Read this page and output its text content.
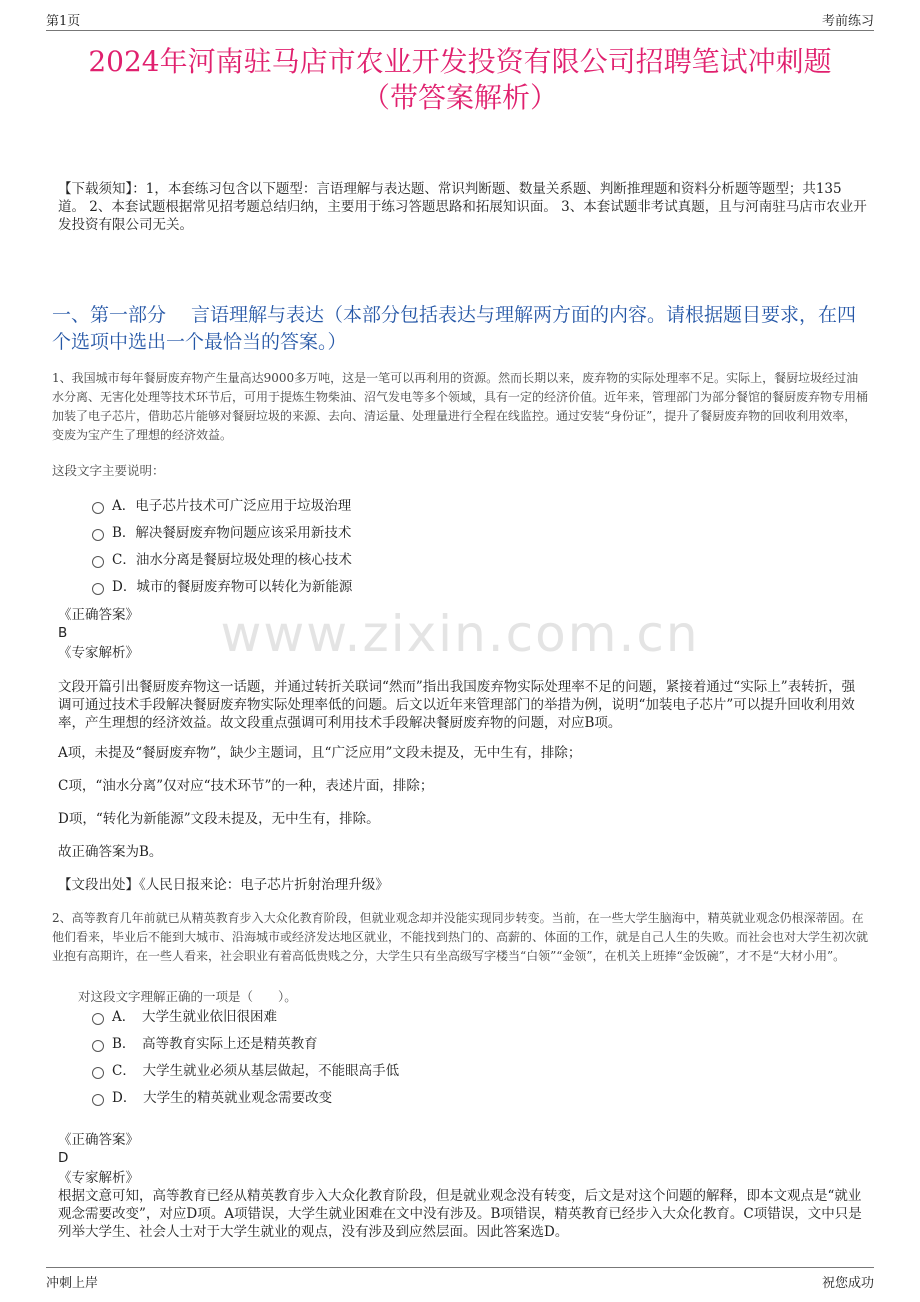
第1页	考前练习
2024年河南驻马店市农业开发投资有限公司招聘笔试冲刺题
（带答案解析）
【下载须知】：1，本套练习包含以下题型：言语理解与表达题、常识判断题、数量关系题、判断推理题和资料分析题等题型；共135道。 2、本套试题根据常见招考题总结归纳，主要用于练习答题思路和拓展知识面。 3、本套试题非考试真题，且与河南驻马店市农业开发投资有限公司无关。
一、第一部分　 言语理解与表达（本部分包括表达与理解两方面的内容。请根据题目要求，在四个选项中选出一个最恰当的答案。）
www.zixin.com.cn
1、我国城市每年餐厨废弃物产生量高达9000多万吨，这是一笔可以再利用的资源。然而长期以来，废弃物的实际处理率不足。实际上，餐厨垃圾经过油水分离、无害化处理等技术环节后，可用于提炼生物柴油、沼气发电等多个领域，具有一定的经济价值。近年来，管理部门为部分餐馆的餐厨废弃物专用桶加装了电子芯片，借助芯片能够对餐厨垃圾的来源、去向、清运量、处理量进行全程在线监控。通过安装“身份证”，提升了餐厨废弃物的回收利用效率，变废为宝产生了理想的经济效益。
这段文字主要说明：
A．电子芯片技术可广泛应用于垃圾治理
B．解决餐厨废弃物问题应该采用新技术
C．油水分离是餐厨垃圾处理的核心技术
D．城市的餐厨废弃物可以转化为新能源
《正确答案》
B
《专家解析》
文段开篇引出餐厨废弃物这一话题，并通过转折关联词“然而”指出我国废弃物实际处理率不足的问题，紧接着通过“实际上”表转折，强调可通过技术手段解决餐厨废弃物实际处理率低的问题。后文以近年来管理部门的举措为例，说明“加装电子芯片”可以提升回收利用效率，产生理想的经济效益。故文段重点强调可利用技术手段解决餐厨废弃物的问题，对应B项。
A项，未提及“餐厨废弃物”，缺少主题词，且“广泛应用”文段未提及，无中生有，排除；
C项，“油水分离”仅对应“技术环节”的一种，表述片面，排除；
D项，“转化为新能源”文段未提及，无中生有，排除。
故正确答案为B。
【文段出处】《人民日报来论：电子芯片折射治理升级》
2、高等教育几年前就已从精英教育步入大众化教育阶段，但就业观念却并没能实现同步转变。当前，在一些大学生脑海中，精英就业观念仍根深蒂固。在他们看来，毕业后不能到大城市、沿海城市或经济发达地区就业，不能找到热门的、高薪的、体面的工作，就是自己人生的失败。而社会也对大学生初次就业抱有高期许，在一些人看来，社会职业有着高低贵贱之分，大学生只有坐高级写字楼当“白领”“金领”，在机关上班捧“金饭碗”，才不是“大材小用”。
对这段文字理解正确的一项是（　　）。
A．　大学生就业依旧很困难
B．　高等教育实际上还是精英教育
C．　大学生就业必须从基层做起，不能眼高手低
D．　大学生的精英就业观念需要改变
《正确答案》
D
《专家解析》
根据文意可知，高等教育已经从精英教育步入大众化教育阶段，但是就业观念没有转变，后文是对这个问题的解释，即本文观点是“就业观念需要改变”，对应D项。A项错误，大学生就业困难在文中没有涉及。B项错误，精英教育已经步入大众化教育。C项错误，文中只是列举大学生、社会人士对于大学生就业的观点，没有涉及到应然层面。因此答案选D。
冲刺上岸	祝您成功
